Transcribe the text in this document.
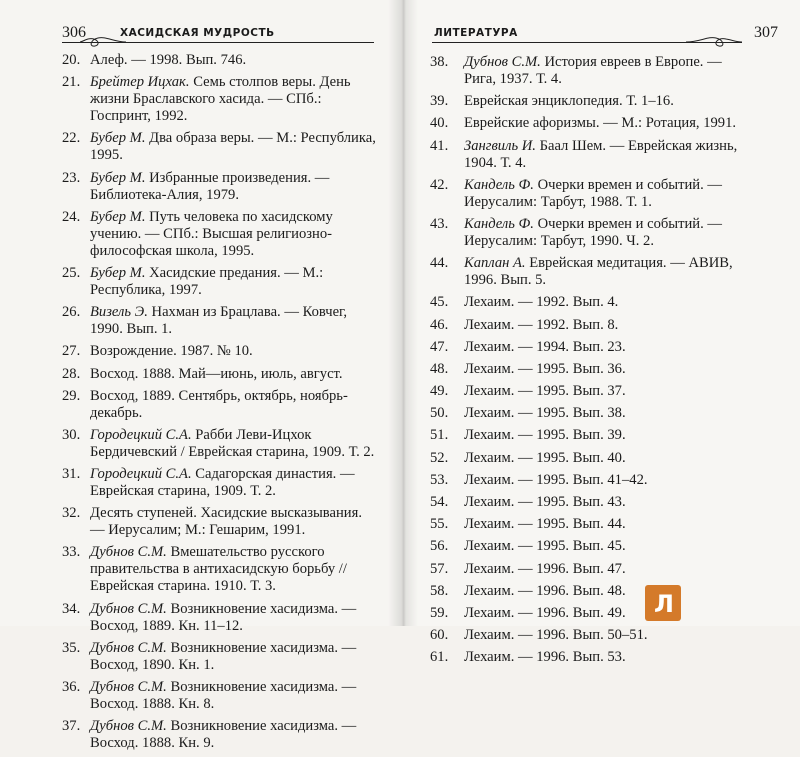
306	ХАСИДСКАЯ МУДРОСТЬ
20. Алеф. — 1998. Вып. 746.
21. Брейтер Ицхак. Семь столпов веры. День жизни Браславского хасида. — СПб.: Госпринт, 1992.
22. Бубер М. Два образа веры. — М.: Республика, 1995.
23. Бубер М. Избранные произведения. — Библиотека-Алия, 1979.
24. Бубер М. Путь человека по хасидскому учению. — СПб.: Высшая религиозно-философская школа, 1995.
25. Бубер М. Хасидские предания. — М.: Республика, 1997.
26. Визель Э. Нахман из Брацлава. — Ковчег, 1990. Вып. 1.
27. Возрождение. 1987. № 10.
28. Восход. 1888. Май—июнь, июль, август.
29. Восход, 1889. Сентябрь, октябрь, ноябрь-декабрь.
30. Городецкий С.А. Рабби Леви-Ицхок Бердичевский / Еврейская старина, 1909. Т. 2.
31. Городецкий С.А. Садагорская династия. — Еврейская старина, 1909. Т. 2.
32. Десять ступеней. Хасидские высказывания. — Иерусалим; М.: Гешарим, 1991.
33. Дубнов С.М. Вмешательство русского правительства в антихасидскую борьбу // Еврейская старина. 1910. Т. 3.
34. Дубнов С.М. Возникновение хасидизма. — Восход, 1889. Кн. 11–12.
35. Дубнов С.М. Возникновение хасидизма. — Восход, 1890. Кн. 1.
36. Дубнов С.М. Возникновение хасидизма. — Восход. 1888. Кн. 8.
37. Дубнов С.М. Возникновение хасидизма. — Восход. 1888. Кн. 9.
ЛИТЕРАТУРА	307
38. Дубнов С.М. История евреев в Европе. — Рига, 1937. Т. 4.
39. Еврейская энциклопедия. Т. 1–16.
40. Еврейские афоризмы. — М.: Ротация, 1991.
41. Зангвиль И. Баал Шем. — Еврейская жизнь, 1904. Т. 4.
42. Кандель Ф. Очерки времен и событий. — Иерусалим: Тарбут, 1988. Т. 1.
43. Кандель Ф. Очерки времен и событий. — Иерусалим: Тарбут, 1990. Ч. 2.
44. Каплан А. Еврейская медитация. — АВИВ, 1996. Вып. 5.
45. Лехаим. — 1992. Вып. 4.
46. Лехаим. — 1992. Вып. 8.
47. Лехаим. — 1994. Вып. 23.
48. Лехаим. — 1995. Вып. 36.
49. Лехаим. — 1995. Вып. 37.
50. Лехаим. — 1995. Вып. 38.
51. Лехаим. — 1995. Вып. 39.
52. Лехаим. — 1995. Вып. 40.
53. Лехаим. — 1995. Вып. 41–42.
54. Лехаим. — 1995. Вып. 43.
55. Лехаим. — 1995. Вып. 44.
56. Лехаим. — 1995. Вып. 45.
57. Лехаим. — 1996. Вып. 47.
58. Лехаим. — 1996. Вып. 48.
59. Лехаим. — 1996. Вып. 49.
60. Лехаим. — 1996. Вып. 50–51.
61. Лехаим. — 1996. Вып. 53.
Л
